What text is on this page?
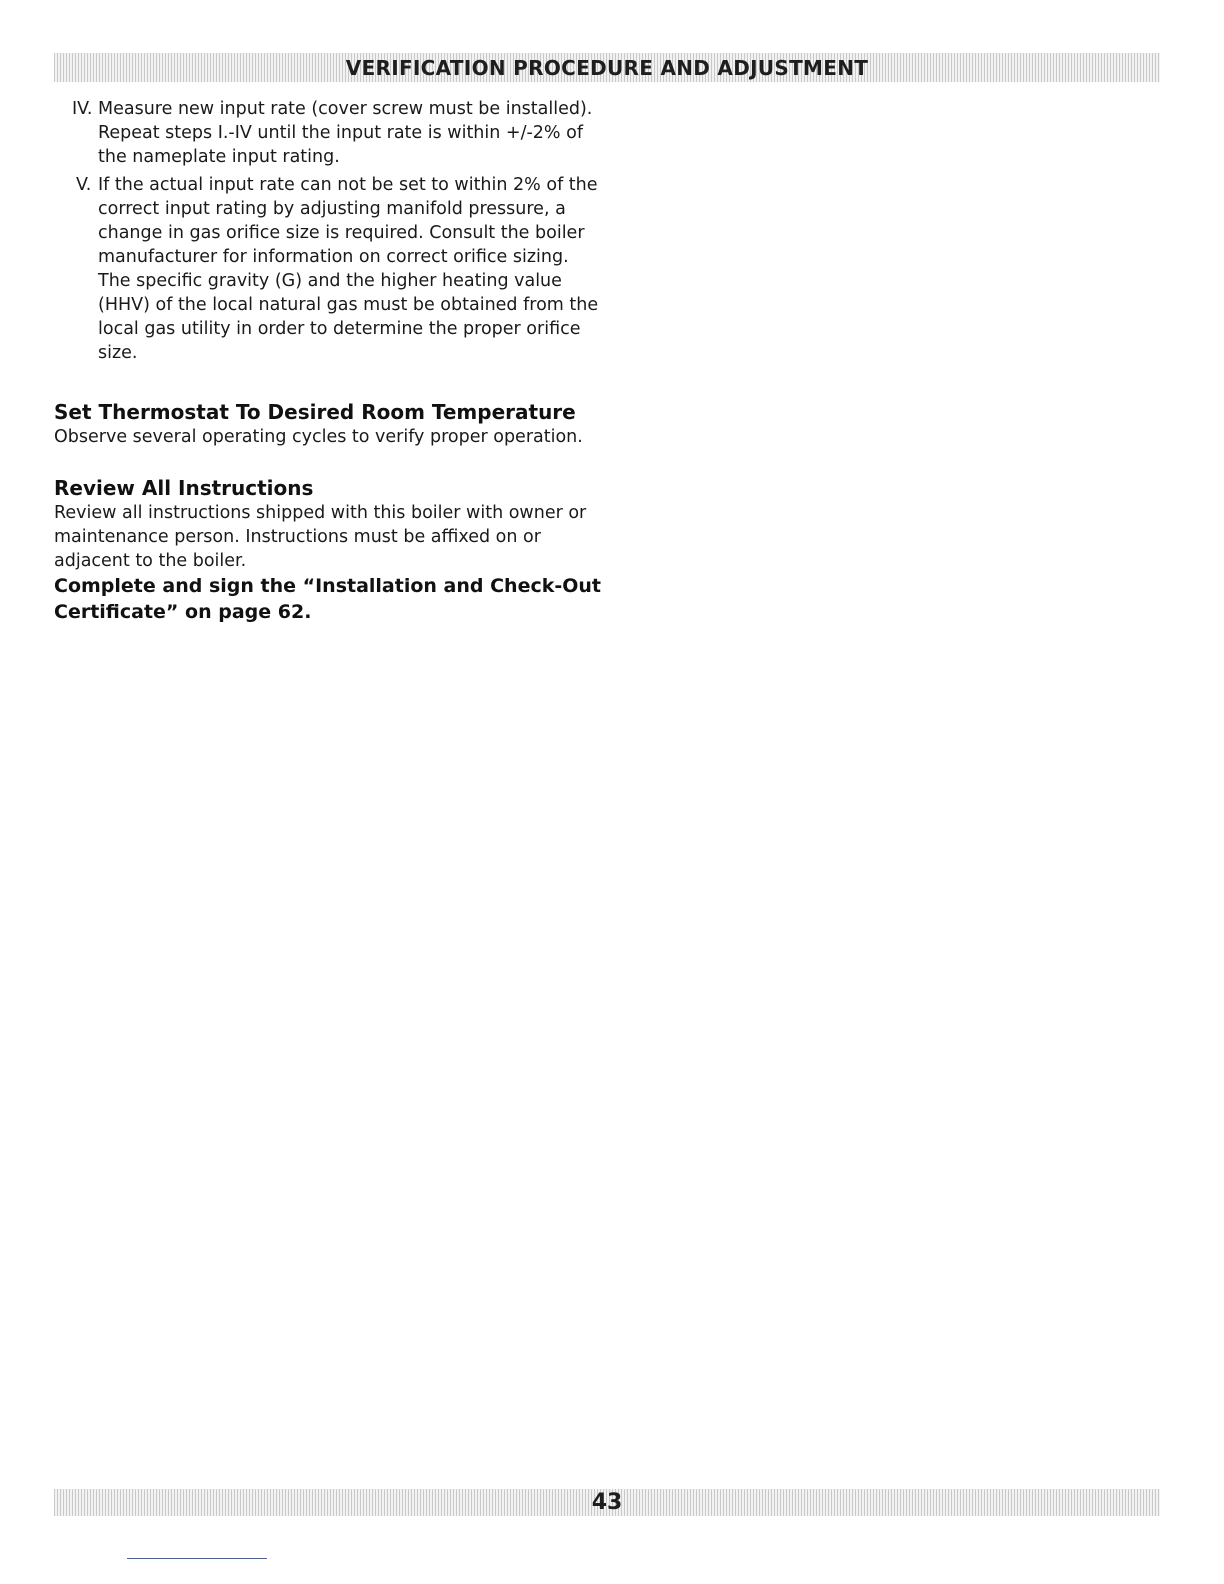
VERIFICATION PROCEDURE AND ADJUSTMENT
IV. Measure new input rate (cover screw must be installed). Repeat steps I.-IV until the input rate is within +/-2% of the nameplate input rating.
V. If the actual input rate can not be set to within 2% of the correct input rating by adjusting manifold pressure, a change in gas orifice size is required. Consult the boiler manufacturer for information on correct orifice sizing. The specific gravity (G) and the higher heating value (HHV) of the local natural gas must be obtained from the local gas utility in order to determine the proper orifice size.
Set Thermostat To Desired Room Temperature
Observe several operating cycles to verify proper operation.
Review All Instructions
Review all instructions shipped with this boiler with owner or maintenance person. Instructions must be affixed on or adjacent to the boiler.
Complete and sign the “Installation and Check-Out Certificate” on page 62.
43
